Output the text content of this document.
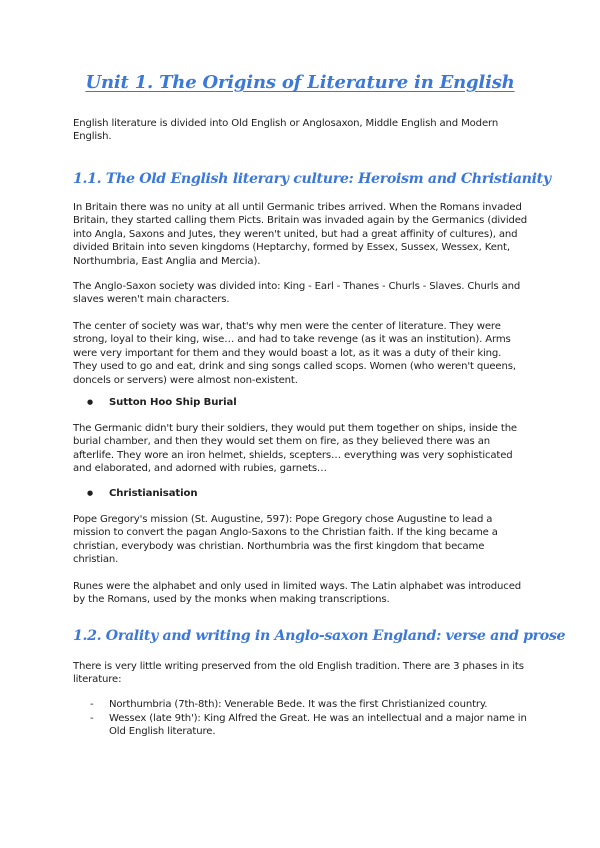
Unit 1. The Origins of Literature in English

English literature is divided into Old English or Anglosaxon, Middle English and Modern English.

1.1. The Old English literary culture: Heroism and Christianity

In Britain there was no unity at all until Germanic tribes arrived. When the Romans invaded Britain, they started calling them Picts. Britain was invaded again by the Germanics (divided into Angla, Saxons and Jutes, they weren't united, but had a great affinity of cultures), and divided Britain into seven kingdoms (Heptarchy, formed by Essex, Sussex, Wessex, Kent, Northumbria, East Anglia and Mercia).

The Anglo-Saxon society was divided into: King - Earl - Thanes - Churls - Slaves. Churls and slaves weren't main characters.

The center of society was war, that's why men were the center of literature. They were strong, loyal to their king, wise… and had to take revenge (as it was an institution). Arms were very important for them and they would boast a lot, as it was a duty of their king. They used to go and eat, drink and sing songs called scops. Women (who weren't queens, doncels or servers) were almost non-existent.

● Sutton Hoo Ship Burial

The Germanic didn't bury their soldiers, they would put them together on ships, inside the burial chamber, and then they would set them on fire, as they believed there was an afterlife. They wore an iron helmet, shields, scepters… everything was very sophisticated and elaborated, and adorned with rubies, garnets…

● Christianisation

Pope Gregory's mission (St. Augustine, 597): Pope Gregory chose Augustine to lead a mission to convert the pagan Anglo-Saxons to the Christian faith. If the king became a christian, everybody was christian. Northumbria was the first kingdom that became christian.

Runes were the alphabet and only used in limited ways. The Latin alphabet was introduced by the Romans, used by the monks when making transcriptions.

1.2. Orality and writing in Anglo-saxon England: verse and prose

There is very little writing preserved from the old English tradition. There are 3 phases in its literature:

- Northumbria (7th-8th): Venerable Bede. It was the first Christianized country.
- Wessex (late 9th'): King Alfred the Great. He was an intellectual and a major name in Old English literature.
